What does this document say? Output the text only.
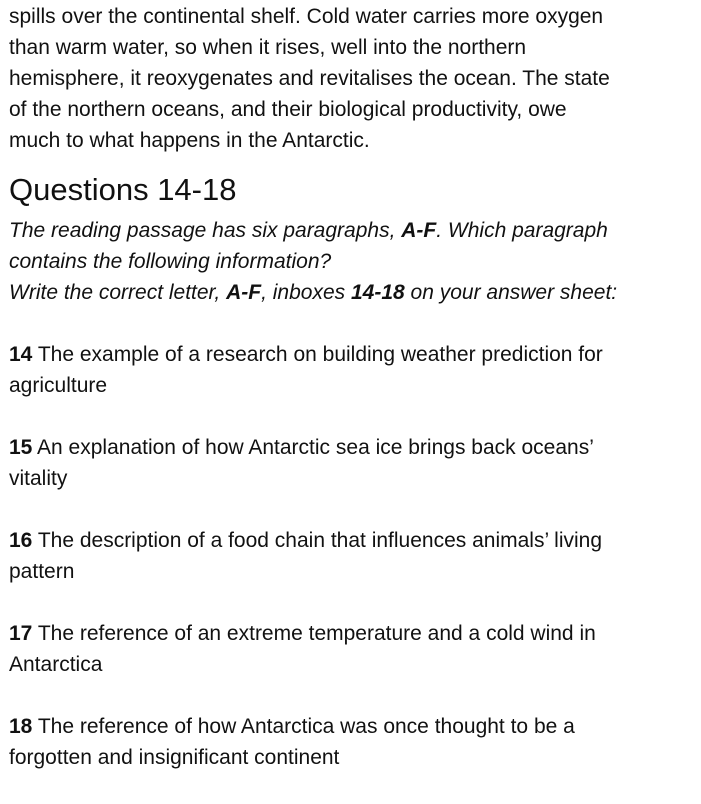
spills over the continental shelf. Cold water carries more oxygen
than warm water, so when it rises, well into the northern
hemisphere, it reoxygenates and revitalises the ocean. The state
of the northern oceans, and their biological productivity, owe
much to what happens in the Antarctic.

Questions 14-18

The reading passage has six paragraphs, A-F. Which paragraph
contains the following information?
Write the correct letter, A-F, inboxes 14-18 on your answer sheet:

14 The example of a research on building weather prediction for
agriculture

15 An explanation of how Antarctic sea ice brings back oceans’
vitality

16 The description of a food chain that influences animals’ living
pattern

17 The reference of an extreme temperature and a cold wind in
Antarctica

18 The reference of how Antarctica was once thought to be a
forgotten and insignificant continent
